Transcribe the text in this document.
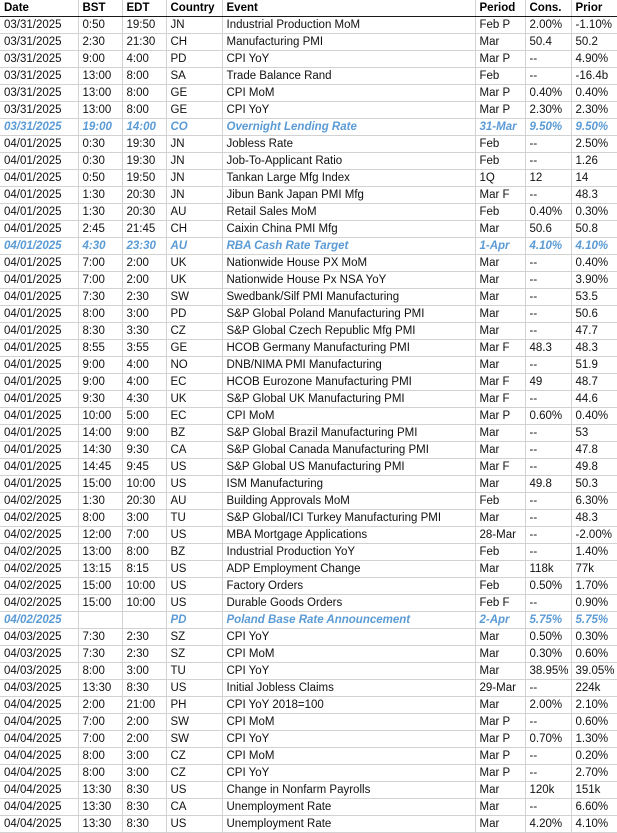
Date	BST	EDT	Country	Event	Period	Cons.	Prior
03/31/2025	0:50	19:50	JN	Industrial Production MoM	Feb P	2.00%	-1.10%
03/31/2025	2:30	21:30	CH	Manufacturing PMI	Mar	50.4	50.2
03/31/2025	9:00	4:00	PD	CPI YoY	Mar P	--	4.90%
03/31/2025	13:00	8:00	SA	Trade Balance Rand	Feb	--	-16.4b
03/31/2025	13:00	8:00	GE	CPI MoM	Mar P	0.40%	0.40%
03/31/2025	13:00	8:00	GE	CPI YoY	Mar P	2.30%	2.30%
03/31/2025	19:00	14:00	CO	Overnight Lending Rate	31-Mar	9.50%	9.50%
04/01/2025	0:30	19:30	JN	Jobless Rate	Feb	--	2.50%
04/01/2025	0:30	19:30	JN	Job-To-Applicant Ratio	Feb	--	1.26
04/01/2025	0:50	19:50	JN	Tankan Large Mfg Index	1Q	12	14
04/01/2025	1:30	20:30	JN	Jibun Bank Japan PMI Mfg	Mar F	--	48.3
04/01/2025	1:30	20:30	AU	Retail Sales MoM	Feb	0.40%	0.30%
04/01/2025	2:45	21:45	CH	Caixin China PMI Mfg	Mar	50.6	50.8
04/01/2025	4:30	23:30	AU	RBA Cash Rate Target	1-Apr	4.10%	4.10%
04/01/2025	7:00	2:00	UK	Nationwide House PX MoM	Mar	--	0.40%
04/01/2025	7:00	2:00	UK	Nationwide House Px NSA YoY	Mar	--	3.90%
04/01/2025	7:30	2:30	SW	Swedbank/Silf PMI Manufacturing	Mar	--	53.5
04/01/2025	8:00	3:00	PD	S&P Global Poland Manufacturing PMI	Mar	--	50.6
04/01/2025	8:30	3:30	CZ	S&P Global Czech Republic Mfg PMI	Mar	--	47.7
04/01/2025	8:55	3:55	GE	HCOB Germany Manufacturing PMI	Mar F	48.3	48.3
04/01/2025	9:00	4:00	NO	DNB/NIMA PMI Manufacturing	Mar	--	51.9
04/01/2025	9:00	4:00	EC	HCOB Eurozone Manufacturing PMI	Mar F	49	48.7
04/01/2025	9:30	4:30	UK	S&P Global UK Manufacturing PMI	Mar F	--	44.6
04/01/2025	10:00	5:00	EC	CPI MoM	Mar P	0.60%	0.40%
04/01/2025	14:00	9:00	BZ	S&P Global Brazil Manufacturing PMI	Mar	--	53
04/01/2025	14:30	9:30	CA	S&P Global Canada Manufacturing PMI	Mar	--	47.8
04/01/2025	14:45	9:45	US	S&P Global US Manufacturing PMI	Mar F	--	49.8
04/01/2025	15:00	10:00	US	ISM Manufacturing	Mar	49.8	50.3
04/02/2025	1:30	20:30	AU	Building Approvals MoM	Feb	--	6.30%
04/02/2025	8:00	3:00	TU	S&P Global/ICI Turkey Manufacturing PMI	Mar	--	48.3
04/02/2025	12:00	7:00	US	MBA Mortgage Applications	28-Mar	--	-2.00%
04/02/2025	13:00	8:00	BZ	Industrial Production YoY	Feb	--	1.40%
04/02/2025	13:15	8:15	US	ADP Employment Change	Mar	118k	77k
04/02/2025	15:00	10:00	US	Factory Orders	Feb	0.50%	1.70%
04/02/2025	15:00	10:00	US	Durable Goods Orders	Feb F	--	0.90%
04/02/2025			PD	Poland Base Rate Announcement	2-Apr	5.75%	5.75%
04/03/2025	7:30	2:30	SZ	CPI YoY	Mar	0.50%	0.30%
04/03/2025	7:30	2:30	SZ	CPI MoM	Mar	0.30%	0.60%
04/03/2025	8:00	3:00	TU	CPI YoY	Mar	38.95%	39.05%
04/03/2025	13:30	8:30	US	Initial Jobless Claims	29-Mar	--	224k
04/04/2025	2:00	21:00	PH	CPI YoY 2018=100	Mar	2.00%	2.10%
04/04/2025	7:00	2:00	SW	CPI MoM	Mar P	--	0.60%
04/04/2025	7:00	2:00	SW	CPI YoY	Mar P	0.70%	1.30%
04/04/2025	8:00	3:00	CZ	CPI MoM	Mar P	--	0.20%
04/04/2025	8:00	3:00	CZ	CPI YoY	Mar P	--	2.70%
04/04/2025	13:30	8:30	US	Change in Nonfarm Payrolls	Mar	120k	151k
04/04/2025	13:30	8:30	CA	Unemployment Rate	Mar	--	6.60%
04/04/2025	13:30	8:30	US	Unemployment Rate	Mar	4.20%	4.10%
